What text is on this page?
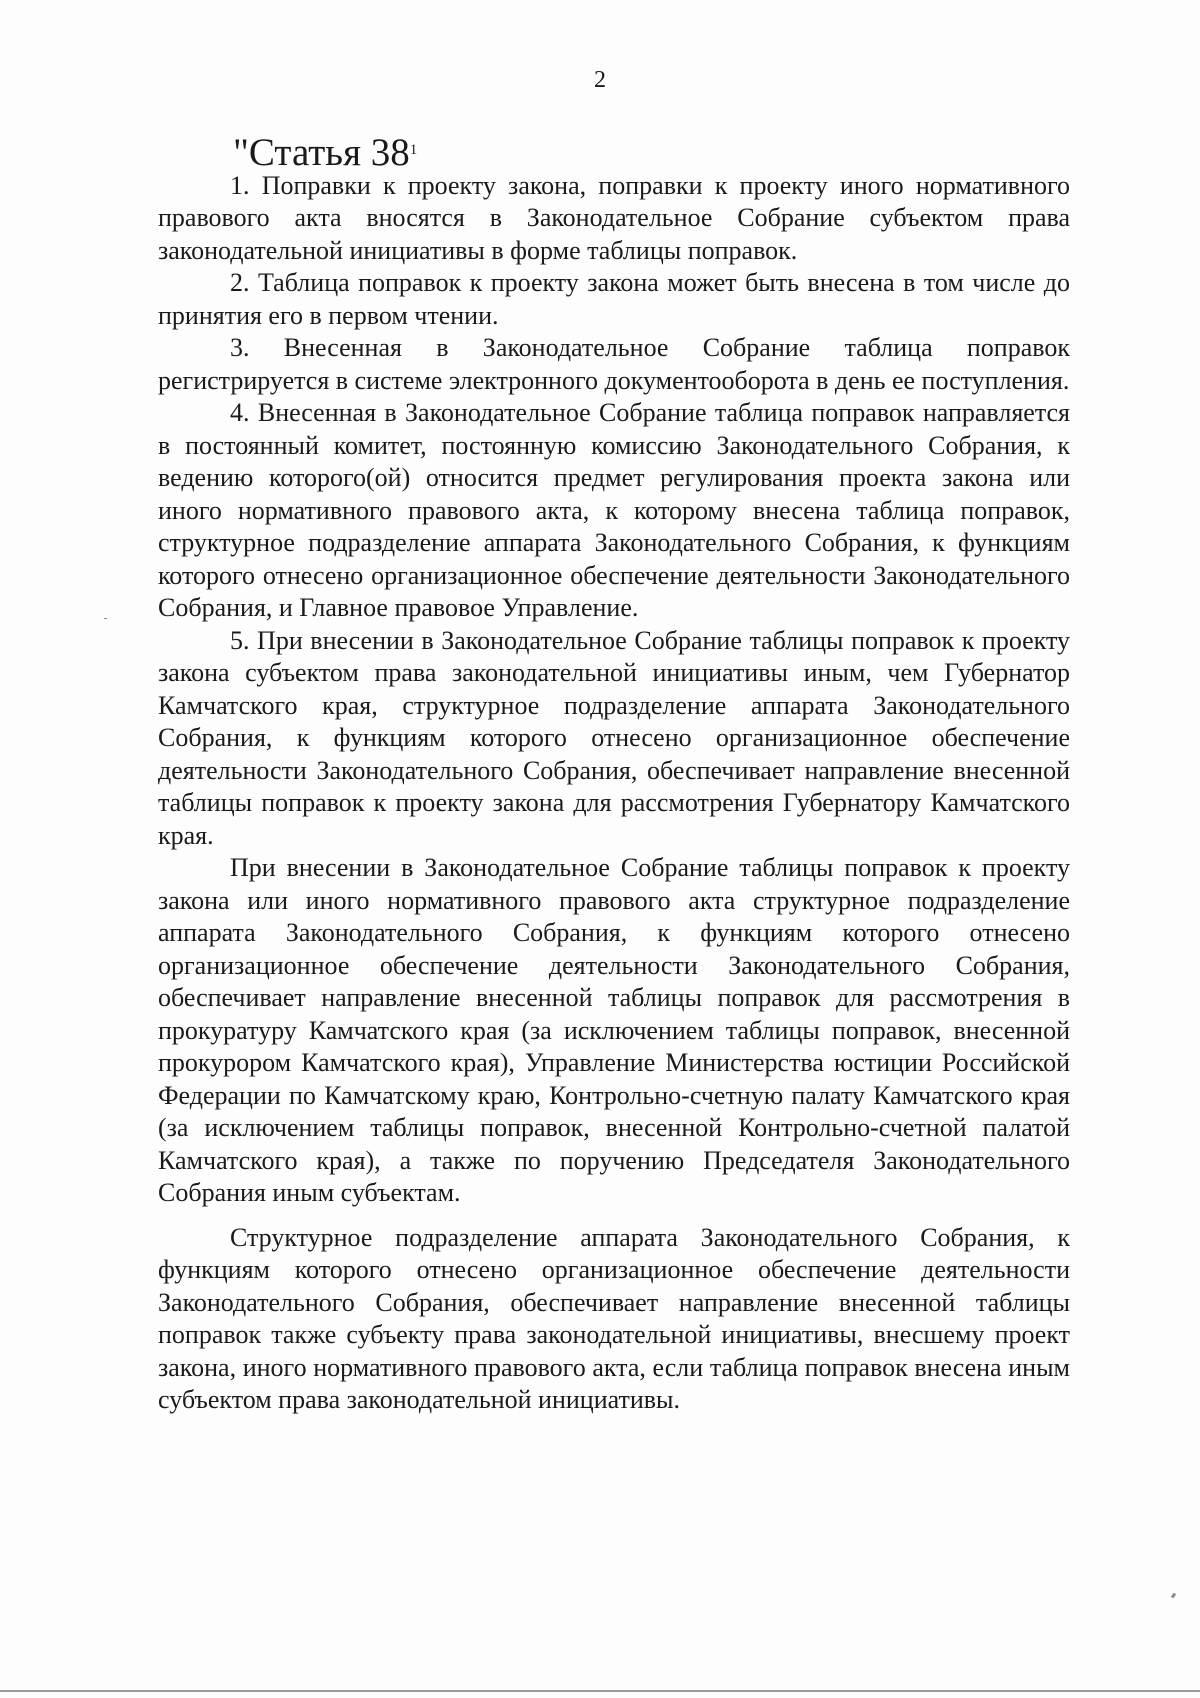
2
"Статья $38^1$

1. Поправки к проекту закона, поправки к проекту иного нормативного правового акта вносятся в Законодательное Собрание субъектом права законодательной инициативы в форме таблицы поправок.

2. Таблица поправок к проекту закона может быть внесена в том числе до принятия его в первом чтении.

3. Внесенная в Законодательное Собрание таблица поправок регистрируется в системе электронного документооборота в день ее поступления.

4. Внесенная в Законодательное Собрание таблица поправок направляется в постоянный комитет, постоянную комиссию Законодательного Собрания, к ведению которого(ой) относится предмет регулирования проекта закона или иного нормативного правового акта, к которому внесена таблица поправок, структурное подразделение аппарата Законодательного Собрания, к функциям которого отнесено организационное обеспечение деятельности Законодательного Собрания, и Главное правовое Управление.

5. При внесении в Законодательное Собрание таблицы поправок к проекту закона субъектом права законодательной инициативы иным, чем Губернатор Камчатского края, структурное подразделение аппарата Законодательного Собрания, к функциям которого отнесено организационное обеспечение деятельности Законодательного Собрания, обеспечивает направление внесенной таблицы поправок к проекту закона для рассмотрения Губернатору Камчатского края.

При внесении в Законодательное Собрание таблицы поправок к проекту закона или иного нормативного правового акта структурное подразделение аппарата Законодательного Собрания, к функциям которого отнесено организационное обеспечение деятельности Законодательного Собрания, обеспечивает направление внесенной таблицы поправок для рассмотрения в прокуратуру Камчатского края (за исключением таблицы поправок, внесенной прокурором Камчатского края), Управление Министерства юстиции Российской Федерации по Камчатскому краю, Контрольно-счетную палату Камчатского края (за исключением таблицы поправок, внесенной Контрольно-счетной палатой Камчатского края), а также по поручению Председателя Законодательного Собрания иным субъектам.

Структурное подразделение аппарата Законодательного Собрания, к функциям которого отнесено организационное обеспечение деятельности Законодательного Собрания, обеспечивает направление внесенной таблицы поправок также субъекту права законодательной инициативы, внесшему проект закона, иного нормативного правового акта, если таблица поправок внесена иным субъектом права законодательной инициативы.
